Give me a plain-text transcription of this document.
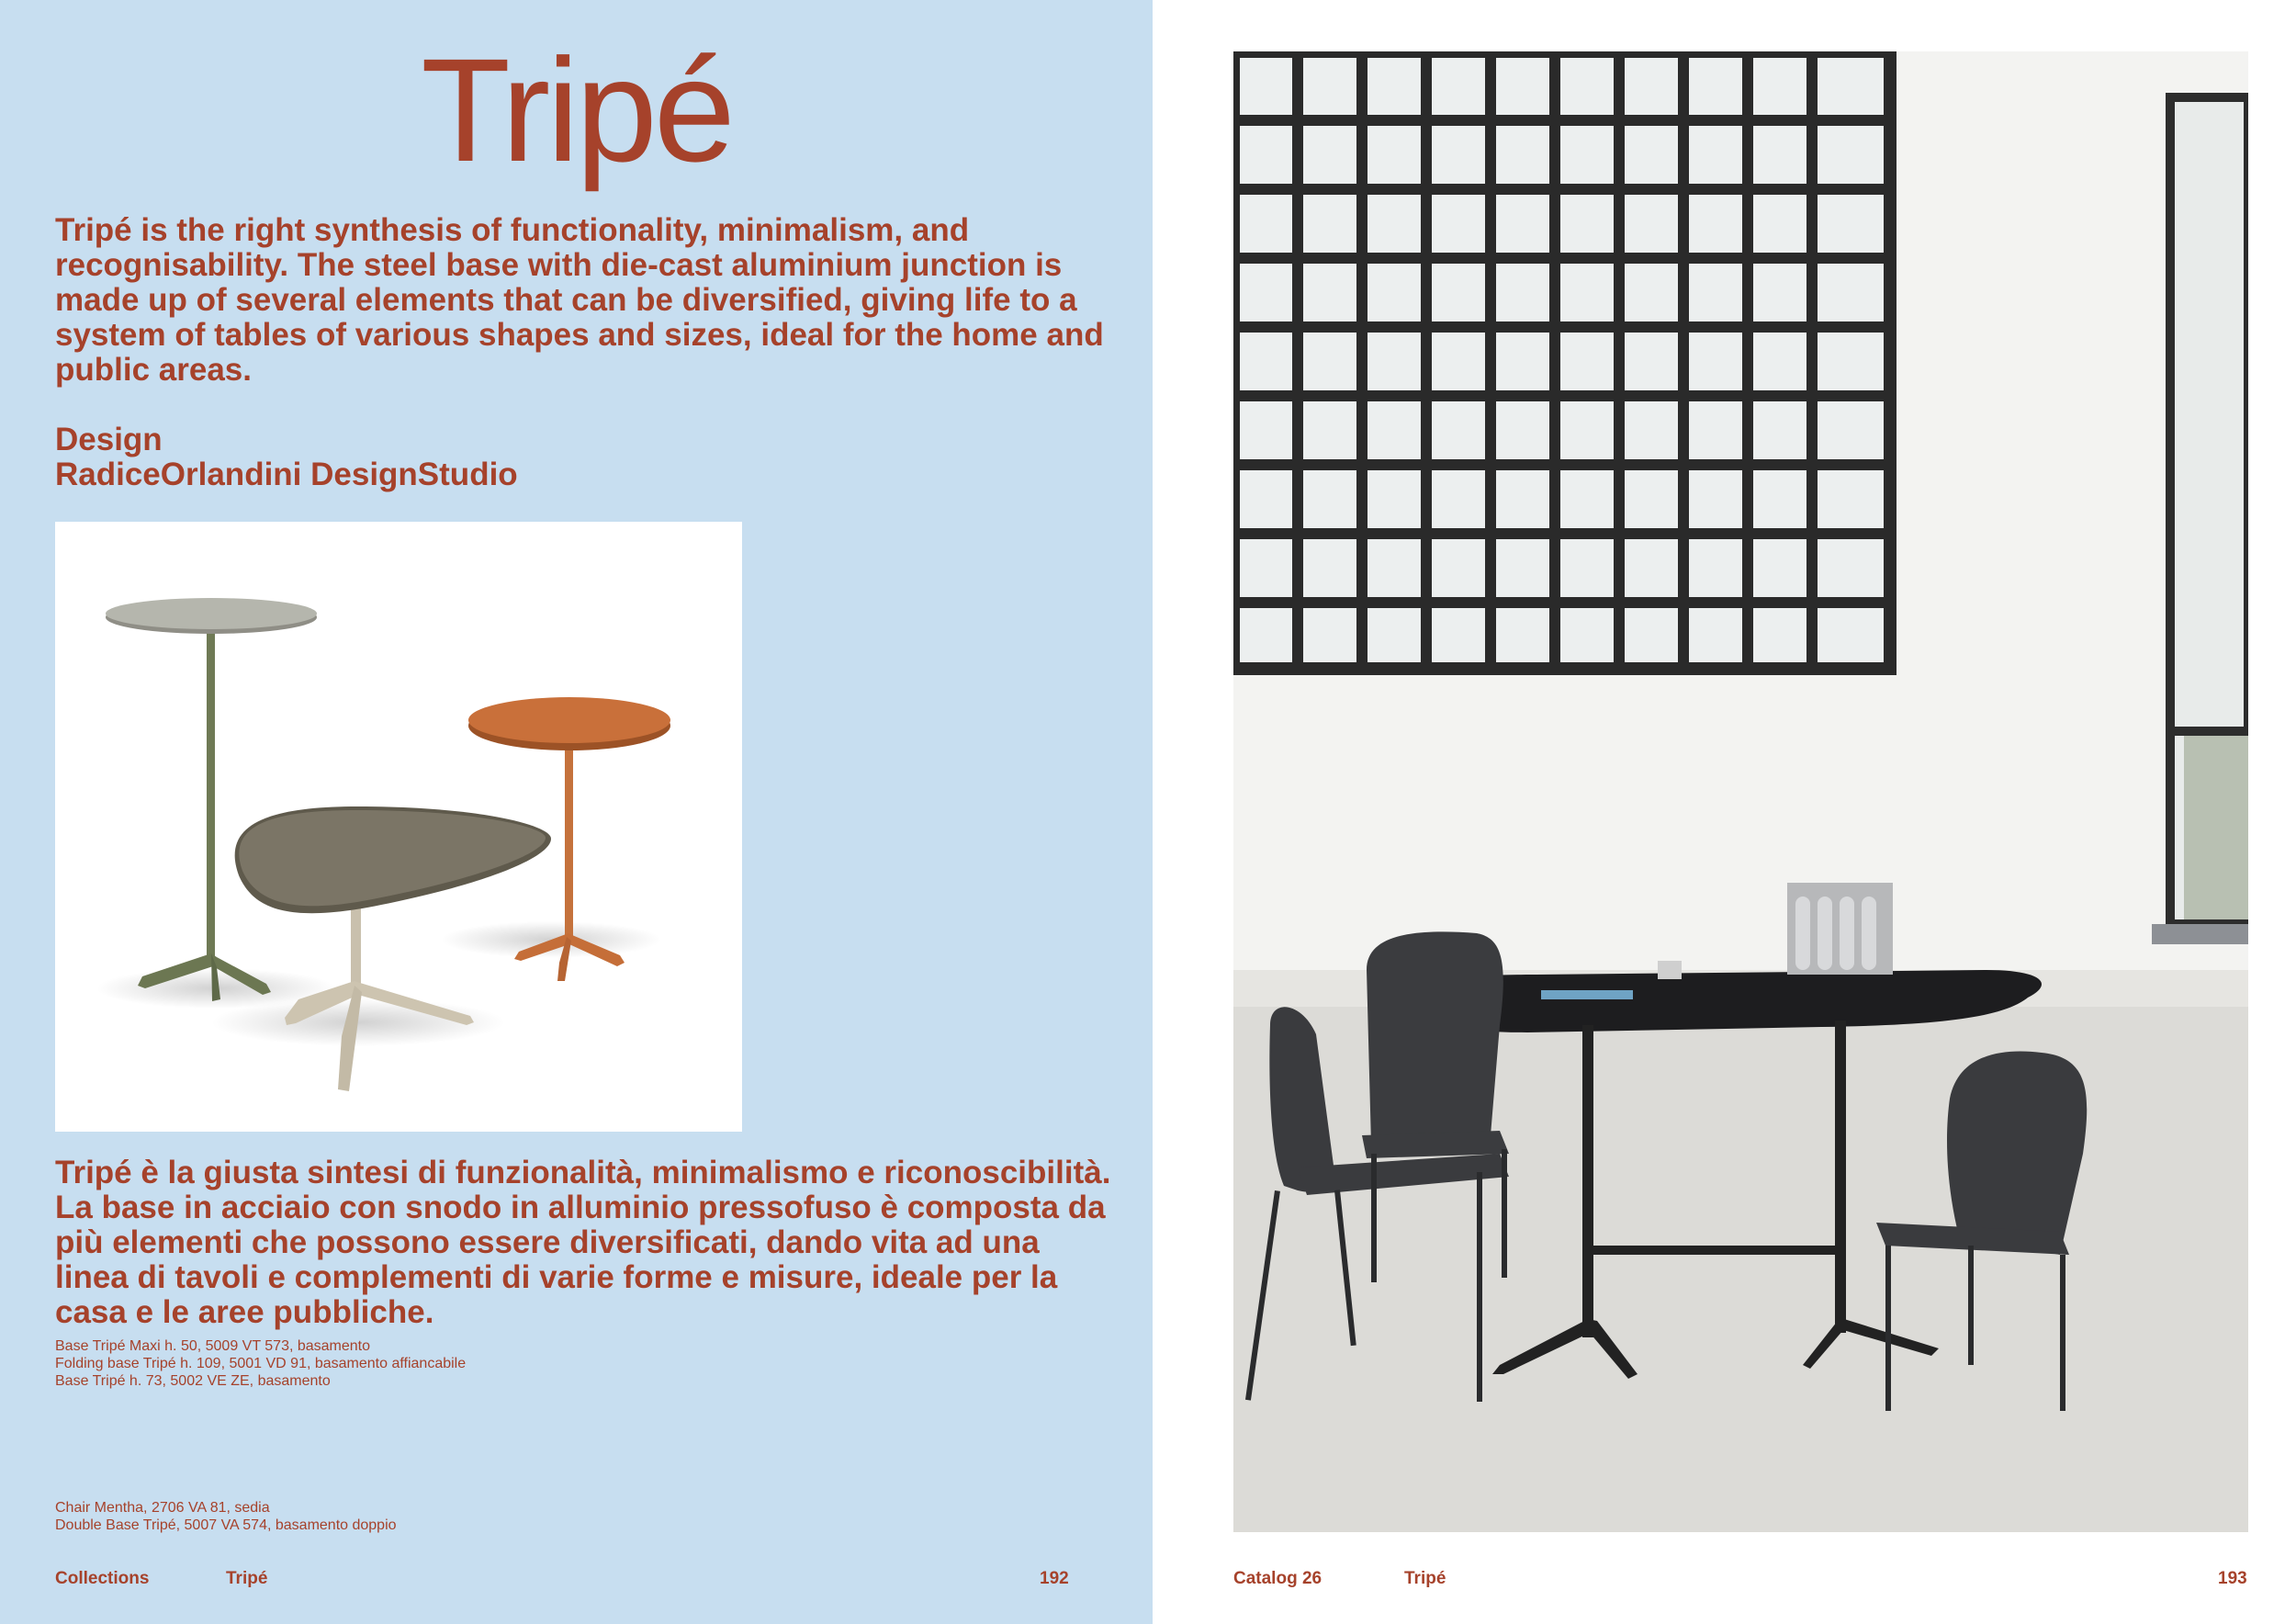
Tripé
Tripé is the right synthesis of functionality, minimalism, and recognisability. The steel base with die-cast aluminium junction is made up of several elements that can be diversified, giving life to a system of tables of various shapes and sizes, ideal for the home and public areas.
Design
RadiceOrlandini DesignStudio
Tripé è la giusta sintesi di funzionalità, minimalismo e riconoscibilità. La base in acciaio con snodo in alluminio pressofuso è composta da più elementi che possono essere diversificati, dando vita ad una linea di tavoli e complementi di varie forme e misure, ideale per la casa e le aree pubbliche.
Base Tripé Maxi h. 50, 5009 VT 573, basamento
Folding base Tripé h. 109, 5001 VD 91, basamento affiancabile
Base Tripé h. 73, 5002 VE ZE, basamento
Chair Mentha, 2706 VA 81, sedia
Double Base Tripé, 5007 VA 574, basamento doppio
Collections	Tripé	192	Catalog 26	Tripé	193
